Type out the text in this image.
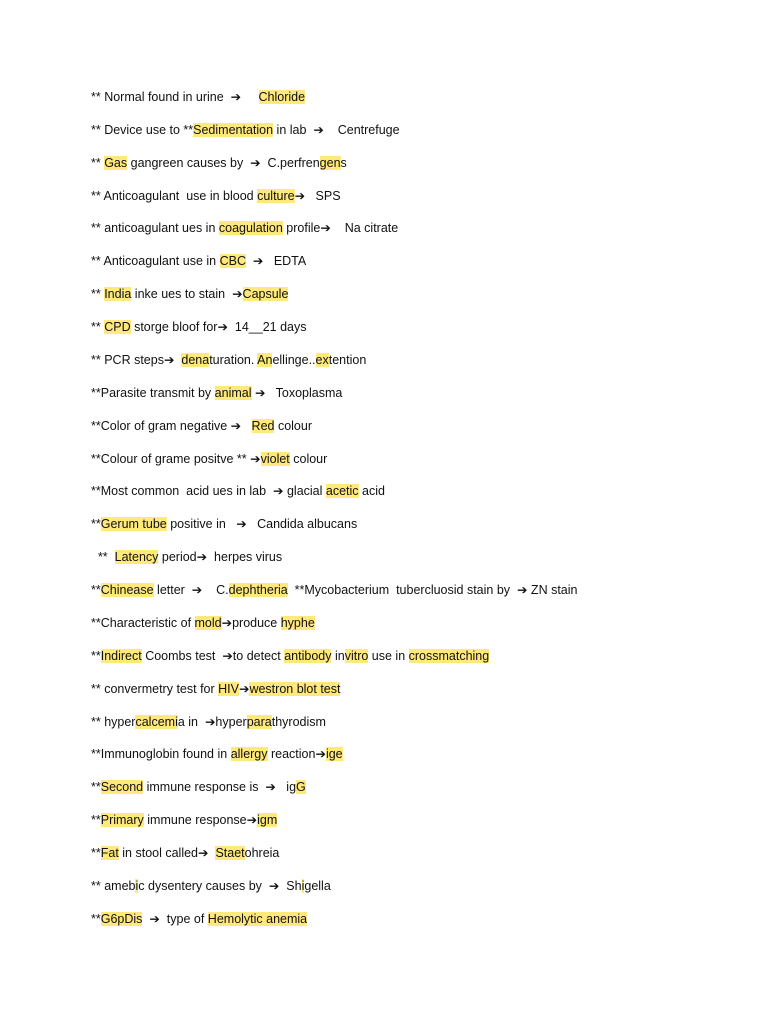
** Normal found in urine  ➔     Chloride
** Device use to **Sedimentation in lab  ➔    Centrefuge
** Gas gangreen causes by  ➔  C.perfrengens
** Anticoagulant  use in blood culture➔   SPS
** anticoagulant ues in coagulation profile➔    Na citrate
** Anticoagulant use in CBC  ➔   EDTA
** India inke ues to stain  ➔Capsule
** CPD storge bloof for➔  14__21 days
** PCR steps➔  denaturation. Anellinge..extention
**Parasite transmit by animal ➔   Toxoplasma
**Color of gram negative ➔   Red colour
**Colour of grame positve ** ➔violet colour
**Most common  acid ues in lab  ➔ glacial acetic acid
**Gerum tube positive in   ➔   Candida albucans
**  Latency period➔  herpes virus
**Chinease letter  ➔    C.dephtheria  **Mycobacterium  tubercluosid stain by  ➔ ZN stain
**Characteristic of mold➔produce hyphe
**Indirect Coombs test  ➔to detect antibody invitro use in crossmatching
** convermetry test for HIV➔westron blot test
** hypercalcemia in  ➔hyperparathyrodism
**Immunoglobin found in allergy reaction➔ige
**Second immune response is  ➔   igG
**Primary immune response➔igm
**Fat in stool called➔  Staetohreia
** amebic dysentery causes by  ➔  Shigella
**G6pDis  ➔  type of Hemolytic anemia
